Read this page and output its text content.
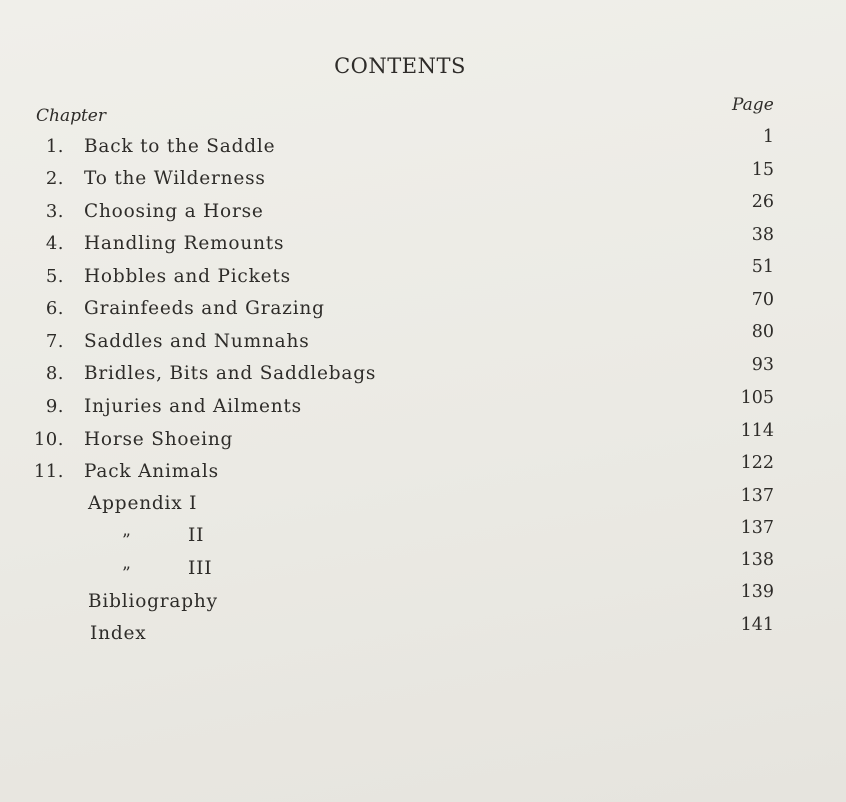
CONTENTS
Chapter
Page
1. Back to the Saddle	1
2. To the Wilderness	15
3. Choosing a Horse	26
4. Handling Remounts	38
5. Hobbles and Pickets	51
6. Grainfeeds and Grazing	70
7. Saddles and Numnahs	80
8. Bridles, Bits and Saddlebags	93
9. Injuries and Ailments	105
10. Horse Shoeing	114
11. Pack Animals	122
Appendix I	137
”	II	137
”	III	138
Bibliography	139
Index	141
